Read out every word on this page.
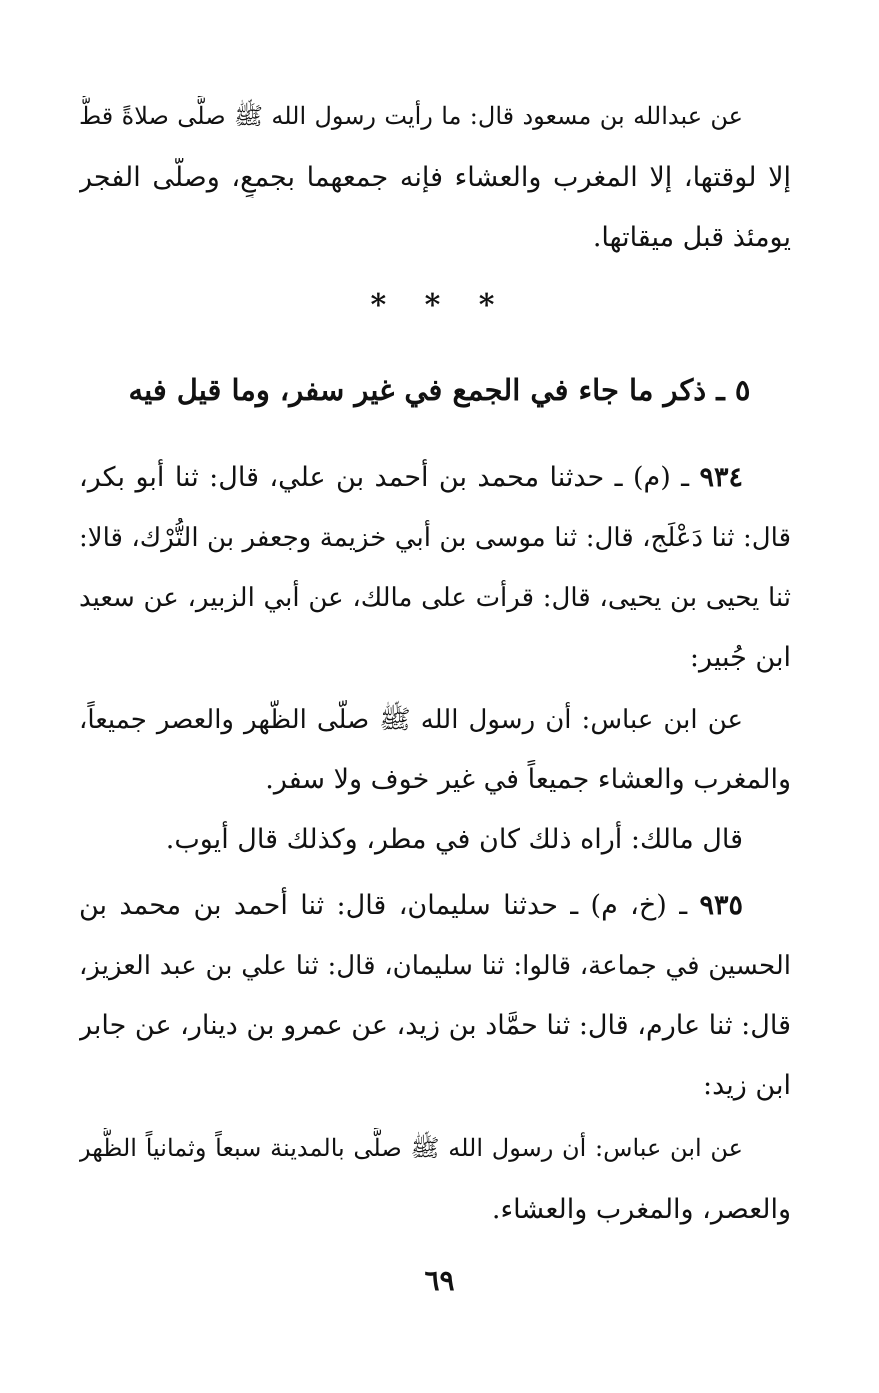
عن عبدالله بن مسعود قال: ما رأيت رسول الله ﷺ صلَّى صلاةً قطُّ
إلا لوقتها، إلا المغرب والعشاء فإنه جمعهما بجمعٍ، وصلَّى الفجر
يومئذ قبل ميقاتها.
* * *
٥ ـ ذكر ما جاء في الجمع في غير سفر، وما قيل فيه
٩٣٤ ـ (م) ـ حدثنا محمد بن أحمد بن علي، قال: ثنا أبو بكر،
قال: ثنا دَعْلَج، قال: ثنا موسى بن أبي خزيمة وجعفر بن التُّرْك، قالا:
ثنا يحيى بن يحيى، قال: قرأت على مالك، عن أبي الزبير، عن سعيد
ابن جُبير:
عن ابن عباس: أن رسول الله ﷺ صلَّى الظُّهر والعصر جميعاً،
والمغرب والعشاء جميعاً في غير خوف ولا سفر.
قال مالك: أراه ذلك كان في مطر، وكذلك قال أيوب.
٩٣٥ ـ (خ، م) ـ حدثنا سليمان، قال: ثنا أحمد بن محمد بن
الحسين في جماعة، قالوا: ثنا سليمان، قال: ثنا علي بن عبد العزيز،
قال: ثنا عارم، قال: ثنا حمَّاد بن زيد، عن عمرو بن دينار، عن جابر
ابن زيد:
عن ابن عباس: أن رسول الله ﷺ صلَّى بالمدينة سبعاً وثمانياً الظُّهر
والعصر، والمغرب والعشاء.
٦٩
